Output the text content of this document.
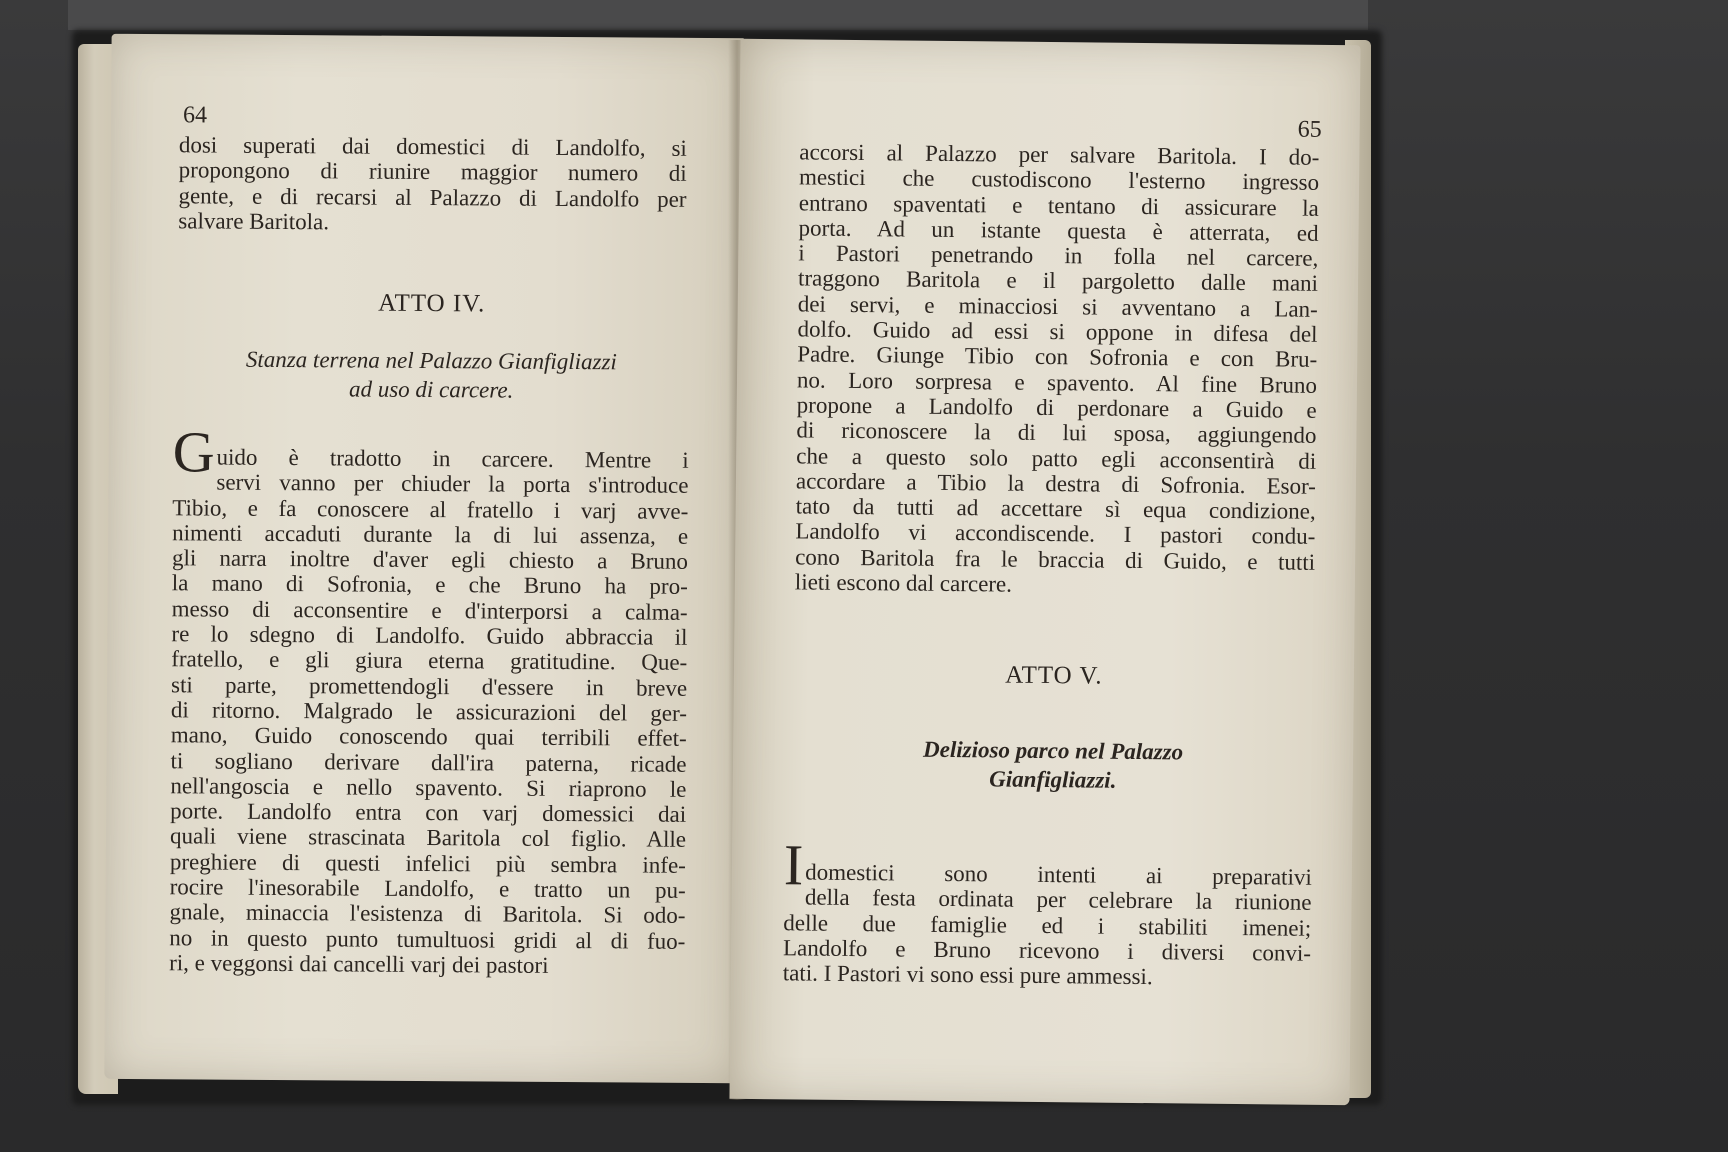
64
dosi superati dai domestici di Landolfo, si
propongono di riunire maggior numero di
gente, e di recarsi al Palazzo di Landolfo per
salvare Baritola.
ATTO IV.
Stanza terrena nel Palazzo Gianfigliazzi
ad uso di carcere.
G uido è tradotto in carcere. Mentre i
servi vanno per chiuder la porta s'introduce
Tibio, e fa conoscere al fratello i varj avve-
nimenti accaduti durante la di lui assenza, e
gli narra inoltre d'aver egli chiesto a Bruno
la mano di Sofronia, e che Bruno ha pro-
messo di acconsentire e d'interporsi a calma-
re lo sdegno di Landolfo. Guido abbraccia il
fratello, e gli giura eterna gratitudine. Que-
sti parte, promettendogli d'essere in breve
di ritorno. Malgrado le assicurazioni del ger-
mano, Guido conoscendo quai terribili effet-
ti sogliano derivare dall'ira paterna, ricade
nell'angoscia e nello spavento. Si riaprono le
porte. Landolfo entra con varj domessici dai
quali viene strascinata Baritola col figlio. Alle
preghiere di questi infelici più sembra infe-
rocire l'inesorabile Landolfo, e tratto un pu-
gnale, minaccia l'esistenza di Baritola. Si odo-
no in questo punto tumultuosi gridi al di fuo-
ri, e veggonsi dai cancelli varj dei pastori
65
accorsi al Palazzo per salvare Baritola. I do-
mestici che custodiscono l'esterno ingresso
entrano spaventati e tentano di assicurare la
porta. Ad un istante questa è atterrata, ed
i Pastori penetrando in folla nel carcere,
traggono Baritola e il pargoletto dalle mani
dei servi, e minacciosi si avventano a Lan-
dolfo. Guido ad essi si oppone in difesa del
Padre. Giunge Tibio con Sofronia e con Bru-
no. Loro sorpresa e spavento. Al fine Bruno
propone a Landolfo di perdonare a Guido e
di riconoscere la di lui sposa, aggiungendo
che a questo solo patto egli acconsentirà di
accordare a Tibio la destra di Sofronia. Esor-
tato da tutti ad accettare sì equa condizione,
Landolfo vi accondiscende. I pastori condu-
cono Baritola fra le braccia di Guido, e tutti
lieti escono dal carcere.
ATTO V.
Delizioso parco nel Palazzo
Gianfigliazzi.
I domestici sono intenti ai preparativi
della festa ordinata per celebrare la riunione
delle due famiglie ed i stabiliti imenei;
Landolfo e Bruno ricevono i diversi convi-
tati. I Pastori vi sono essi pure ammessi.
